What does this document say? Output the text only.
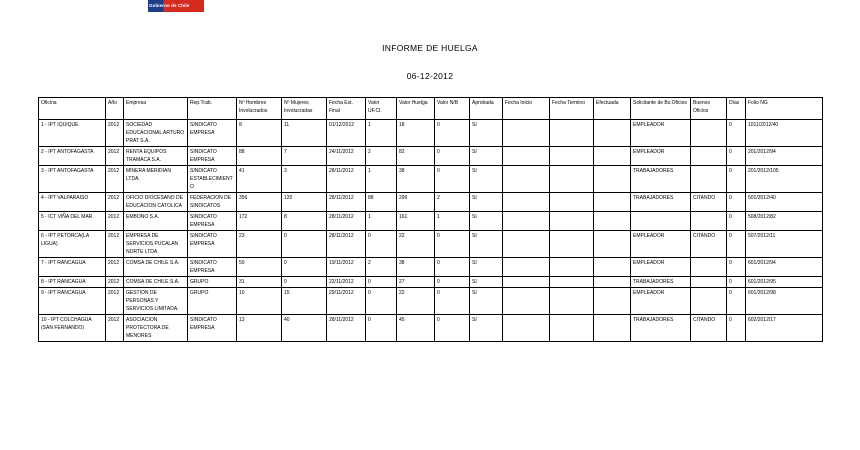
Gobierno de Chile
INFORME DE HUELGA
06-12-2012
Oficina	Año	Empresa	Rep.Trab.	Nº Hombres Involucrados	Nº Mujeres Involucradas	Fecha Est. Final	Valor UF.Cl.	Valor Huelga	Valor N/B	Aprobada	Fecha Inicio	Fecha Termino	Efectuada	Solicitante de Bs.Oficios	Buenos Oficios	Días	Folio NG
1 - IPT IQUIQUE	2012	SOCIEDAD EDUCACIONAL ARTURO PRAT S.A.	SINDICATO EMPRESA	8	11	01/12/2012	1	18	0	SI				EMPLEADOR		0	1011/2012/40
2 - IPT ANTOFAGASTA	2012	RENTA EQUIPOS TRAMACA S.A.	SINDICATO EMPRESA	88	7	24/11/2012	2	82	0	SI				EMPLEADOR		0	201/2012/94
3 - IPT ANTOFAGASTA	2012	MINERA MERIDIAN LTDA.	SINDICATO ESTABLECIMIENTO	41	3	28/11/2012	1	38	0	SI				TRABAJADORES		0	201/2012/105
4 - IPT VALPARAISO	2012	OFICIO DIOCESANO DE EDUCACION CATOLICA	FEDERACION DE SINDICATOS	356	120	28/11/2012	88	299	2	SI				TRABAJADORES	CITANDO	0	501/2012/40
5 - ICT VIÑA DEL MAR	2012	EMBONO S.A.	SINDICATO EMPRESA	172	8	28/11/2012	1	161	1	SI						0	508/2012/82
6 - IPT PETORCA(LA LIGUA)	2012	EMPRESA DE SERVICIOS PUCALAN NORTE LTDA.	SINDICATO EMPRESA	23	0	28/11/2012	0	22	0	SI				EMPLEADOR	CITANDO	0	507/2012/11
7 - IPT RANCAGUA	2012	COMSA DE CHILE S.A.	SINDICATO EMPRESA	50	0	19/11/2012	2	38	0	SI				EMPLEADOR		0	601/2012/94
8 - IPT RANCAGUA	2012	COMSA DE CHILE S.A.	GRUPO	31	0	22/11/2012	0	27	0	SI				TRABAJADORES		0	601/2012/95
9 - IPT RANCAGUA	2012	GESTION DE PERSONAS Y SERVICIOS LIMITADA.	GRUPO	10	15	29/11/2012	0	22	0	SI				EMPLEADOR		0	601/2012/98
10 - IPT COLCHAGUA (SAN FERNANDO)	2012	ASOCIACION PROTECTORA DE MENORES	SINDICATO EMPRESA	13	40	28/11/2012	0	45	0	SI				TRABAJADORES	CITANDO	0	602/2012/17
